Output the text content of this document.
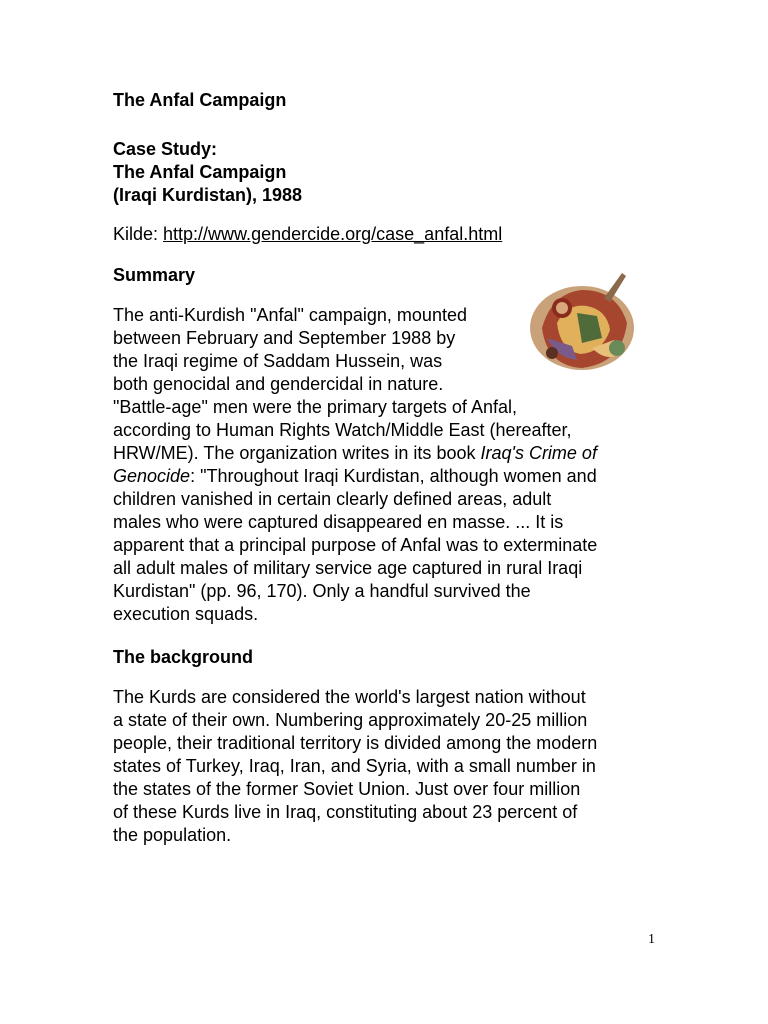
The Anfal Campaign
Case Study:
The Anfal Campaign
(Iraqi Kurdistan), 1988

Kilde: http://www.gendercide.org/case_anfal.html

Summary
The anti-Kurdish "Anfal" campaign, mounted
between February and September 1988 by
the Iraqi regime of Saddam Hussein, was
both genocidal and gendercidal in nature.
"Battle-age" men were the primary targets of Anfal,
according to Human Rights Watch/Middle East (hereafter,
HRW/ME). The organization writes in its book Iraq's Crime of
Genocide: "Throughout Iraqi Kurdistan, although women and
children vanished in certain clearly defined areas, adult
males who were captured disappeared en masse. ... It is
apparent that a principal purpose of Anfal was to exterminate
all adult males of military service age captured in rural Iraqi
Kurdistan" (pp. 96, 170). Only a handful survived the
execution squads.
The background
The Kurds are considered the world's largest nation without
a state of their own. Numbering approximately 20-25 million
people, their traditional territory is divided among the modern
states of Turkey, Iraq, Iran, and Syria, with a small number in
the states of the former Soviet Union. Just over four million
of these Kurds live in Iraq, constituting about 23 percent of
the population.
1
